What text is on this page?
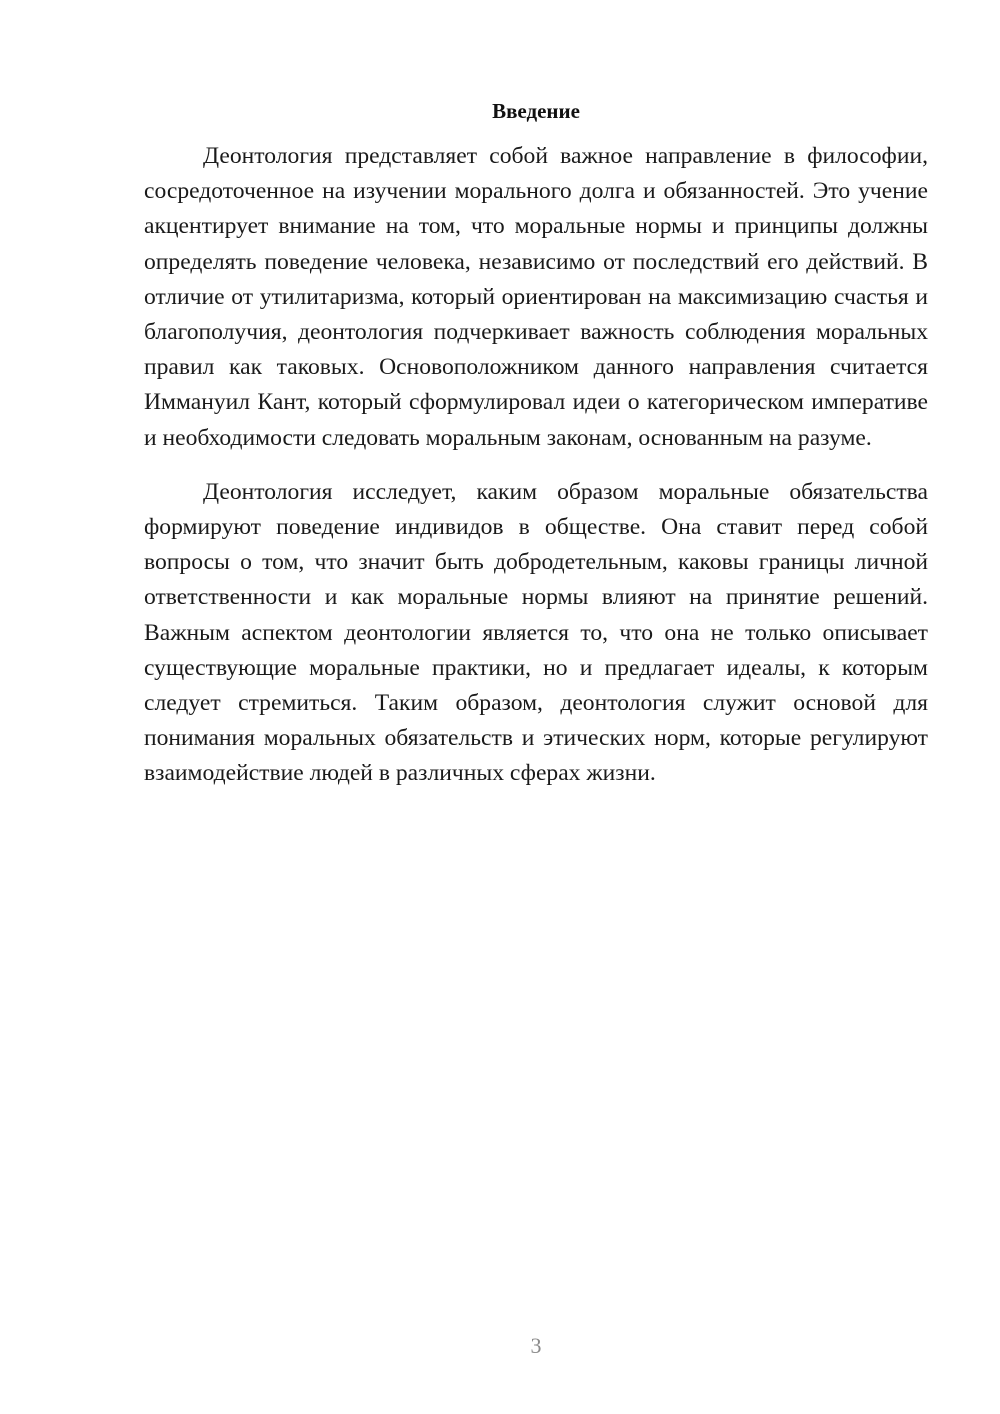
Введение

Деонтология представляет собой важное направление в философии, сосредоточенное на изучении морального долга и обязанностей. Это учение акцентирует внимание на том, что моральные нормы и принципы должны определять поведение человека, независимо от последствий его действий. В отличие от утилитаризма, который ориентирован на максимизацию счастья и благополучия, деонтология подчеркивает важность соблюдения моральных правил как таковых. Основоположником данного направления считается Иммануил Кант, который сформулировал идеи о категорическом императиве и необходимости следовать моральным законам, основанным на разуме.

Деонтология исследует, каким образом моральные обязательства формируют поведение индивидов в обществе. Она ставит перед собой вопросы о том, что значит быть добродетельным, каковы границы личной ответственности и как моральные нормы влияют на принятие решений. Важным аспектом деонтологии является то, что она не только описывает существующие моральные практики, но и предлагает идеалы, к которым следует стремиться. Таким образом, деонтология служит основой для понимания моральных обязательств и этических норм, которые регулируют взаимодействие людей в различных сферах жизни.

3
